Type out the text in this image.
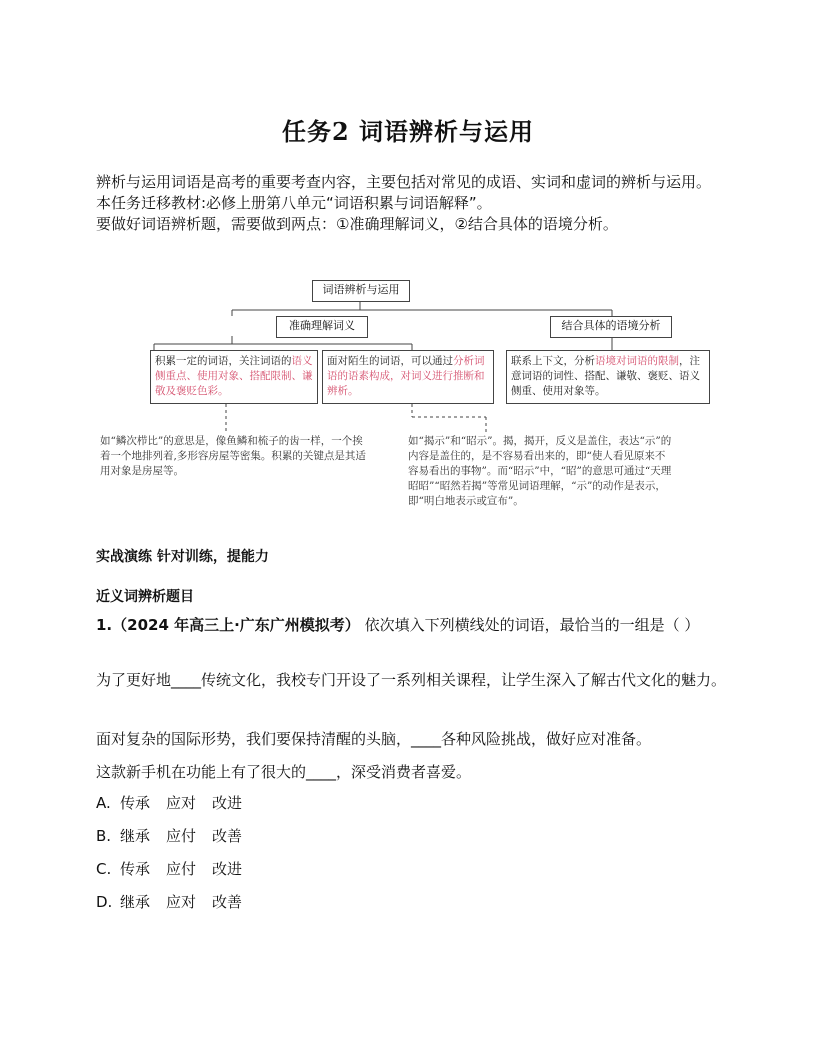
任务2 词语辨析与运用

辨析与运用词语是高考的重要考查内容，主要包括对常见的成语、实词和虚词的辨析与运用。

本任务迁移教材:必修上册第八单元“词语积累与词语解释”。

要做好词语辨析题，需要做到两点：①准确理解词义，②结合具体的语境分析。

词语辨析与运用
准确理解词义	结合具体的语境分析
积累一定的词语，关注词语的语义侧重点、使用对象、搭配限制、谦敬及褒贬色彩。
面对陌生的词语，可以通过分析词语的语素构成，对词义进行推断和辨析。
联系上下文，分析语境对词语的限制，注意词语的词性、搭配、谦敬、褒贬、语义侧重、使用对象等。
如“鳞次栉比”的意思是，像鱼鳞和梳子的齿一样，一个挨着一个地排列着,多形容房屋等密集。积累的关键点是其适用对象是房屋等。
如“揭示”和“昭示”。揭，揭开，反义是盖住，表达“示”的内容是盖住的，是不容易看出来的，即“使人看见原来不容易看出的事物”。而“昭示”中，“昭”的意思可通过“天理昭昭”“昭然若揭”等常见词语理解，“示”的动作是表示，即“明白地表示或宣布”。
实战演练 针对训练，提能力
近义词辨析题目
1.（2024 年高三上·广东广州模拟考） 依次填入下列横线处的词语，最恰当的一组是（ ）
为了更好地____传统文化，我校专门开设了一系列相关课程，让学生深入了解古代文化的魅力。
面对复杂的国际形势，我们要保持清醒的头脑，____各种风险挑战，做好应对准备。
这款新手机在功能上有了很大的____，深受消费者喜爱。
A. 传承 应对 改进
B. 继承 应付 改善
C. 传承 应付 改进
D. 继承 应对 改善
